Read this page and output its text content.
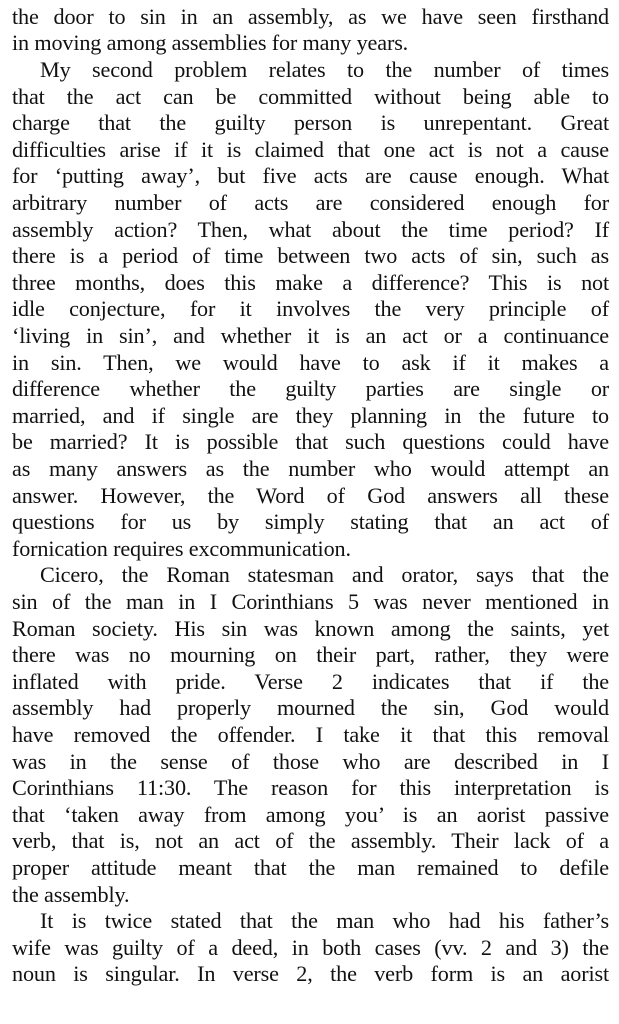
the door to sin in an assembly, as we have seen firsthand
in moving among assemblies for many years.
My second problem relates to the number of times
that the act can be committed without being able to
charge that the guilty person is unrepentant. Great
difficulties arise if it is claimed that one act is not a cause
for ‘putting away’, but five acts are cause enough. What
arbitrary number of acts are considered enough for
assembly action? Then, what about the time period? If
there is a period of time between two acts of sin, such as
three months, does this make a difference? This is not
idle conjecture, for it involves the very principle of
‘living in sin’, and whether it is an act or a continuance
in sin. Then, we would have to ask if it makes a
difference whether the guilty parties are single or
married, and if single are they planning in the future to
be married? It is possible that such questions could have
as many answers as the number who would attempt an
answer. However, the Word of God answers all these
questions for us by simply stating that an act of
fornication requires excommunication.
Cicero, the Roman statesman and orator, says that the
sin of the man in I Corinthians 5 was never mentioned in
Roman society. His sin was known among the saints, yet
there was no mourning on their part, rather, they were
inflated with pride. Verse 2 indicates that if the
assembly had properly mourned the sin, God would
have removed the offender. I take it that this removal
was in the sense of those who are described in I
Corinthians 11:30. The reason for this interpretation is
that ‘taken away from among you’ is an aorist passive
verb, that is, not an act of the assembly. Their lack of a
proper attitude meant that the man remained to defile
the assembly.
It is twice stated that the man who had his father’s
wife was guilty of a deed, in both cases (vv. 2 and 3) the
noun is singular. In verse 2, the verb form is an aorist
